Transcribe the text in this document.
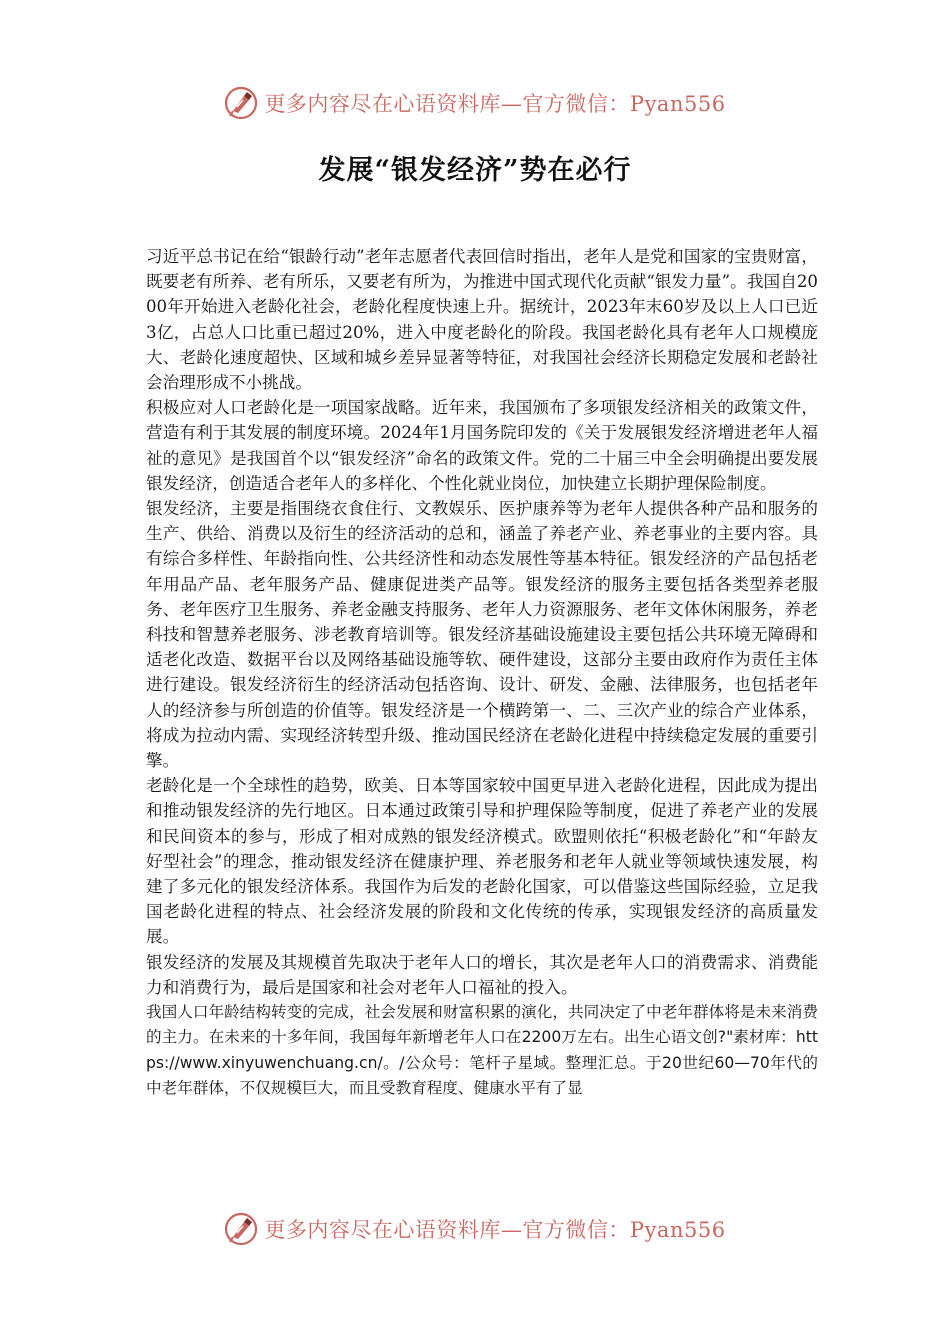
更多内容尽在心语资料库—官方微信：Pyan556
发展“银发经济”势在必行

习近平总书记在给“银龄行动”老年志愿者代表回信时指出，老年人是党和国家的宝贵财富，既要老有所养、老有所乐，又要老有所为，为推进中国式现代化贡献“银发力量”。我国自2000年开始进入老龄化社会，老龄化程度快速上升。据统计，2023年末60岁及以上人口已近3亿，占总人口比重已超过20%，进入中度老龄化的阶段。我国老龄化具有老年人口规模庞大、老龄化速度超快、区域和城乡差异显著等特征，对我国社会经济长期稳定发展和老龄社会治理形成不小挑战。

积极应对人口老龄化是一项国家战略。近年来，我国颁布了多项银发经济相关的政策文件，营造有利于其发展的制度环境。2024年1月国务院印发的《关于发展银发经济增进老年人福祉的意见》是我国首个以“银发经济”命名的政策文件。党的二十届三中全会明确提出要发展银发经济，创造适合老年人的多样化、个性化就业岗位，加快建立长期护理保险制度。

银发经济，主要是指围绕衣食住行、文教娱乐、医护康养等为老年人提供各种产品和服务的生产、供给、消费以及衍生的经济活动的总和，涵盖了养老产业、养老事业的主要内容。具有综合多样性、年龄指向性、公共经济性和动态发展性等基本特征。银发经济的产品包括老年用品产品、老年服务产品、健康促进类产品等。银发经济的服务主要包括各类型养老服务、老年医疗卫生服务、养老金融支持服务、老年人力资源服务、老年文体休闲服务，养老科技和智慧养老服务、涉老教育培训等。银发经济基础设施建设主要包括公共环境无障碍和适老化改造、数据平台以及网络基础设施等软、硬件建设，这部分主要由政府作为责任主体进行建设。银发经济衍生的经济活动包括咨询、设计、研发、金融、法律服务，也包括老年人的经济参与所创造的价值等。银发经济是一个横跨第一、二、三次产业的综合产业体系，将成为拉动内需、实现经济转型升级、推动国民经济在老龄化进程中持续稳定发展的重要引擎。

老龄化是一个全球性的趋势，欧美、日本等国家较中国更早进入老龄化进程，因此成为提出和推动银发经济的先行地区。日本通过政策引导和护理保险等制度，促进了养老产业的发展和民间资本的参与，形成了相对成熟的银发经济模式。欧盟则依托“积极老龄化”和“年龄友好型社会”的理念，推动银发经济在健康护理、养老服务和老年人就业等领域快速发展，构建了多元化的银发经济体系。我国作为后发的老龄化国家，可以借鉴这些国际经验，立足我国老龄化进程的特点、社会经济发展的阶段和文化传统的传承，实现银发经济的高质量发展。

银发经济的发展及其规模首先取决于老年人口的增长，其次是老年人口的消费需求、消费能力和消费行为，最后是国家和社会对老年人口福祉的投入。

我国人口年龄结构转变的完成，社会发展和财富积累的演化，共同决定了中老年群体将是未来消费的主力。在未来的十多年间，我国每年新增老年人口在2200万左右。出生心语文创?"素材库：https://www.xinyuwenchuang.cn/。/公众号：笔杆子星域。整理汇总。于20世纪60—70年代的中老年群体，不仅规模巨大，而且受教育程度、健康水平有了显

更多内容尽在心语资料库—官方微信：Pyan556
